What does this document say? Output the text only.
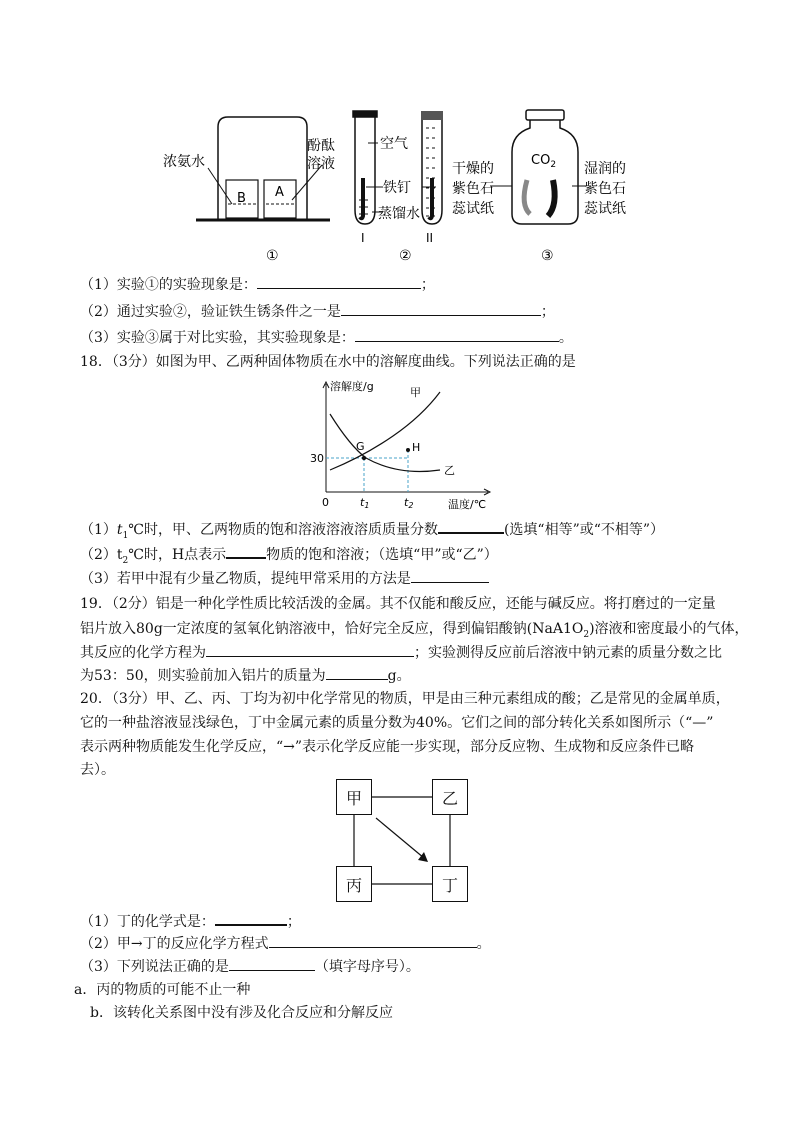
浓氨水
酚酞
溶液
B A
空气
铁钉
蒸馏水
I	II
$CO_2$
干燥的
紫色石
蕊试纸
湿润的
紫色石
蕊试纸
①	②	③
（1）实验①的实验现象是：	；
（2）通过实验②，验证铁生锈条件之一是	；
（3）实验③属于对比实验，其实验现象是：	。
18．（3分）如图为甲、乙两种固体物质在水中的溶解度曲线。下列说法正确的是
溶解度/g	甲
乙
G	H
30
0	t1	t2	温度/℃
$(1)t_1℃$时，甲、乙两物质的饱和溶液溶液溶质质量分数	(选填“相等”或“不相等”）
$(2)t_2℃$时，H点表示	物质的饱和溶液；（选填“甲”或“乙”）
（3）若甲中混有少量乙物质，提纯甲常采用的方法是
19．（2分）铝是一种化学性质比较活泼的金属。其不仅能和酸反应，还能与碱反应。将打磨过的一定量
铝片放入80g一定浓度的氢氧化钠溶液中，恰好完全反应，得到偏铝酸钠$(NaA1O_2)$溶液和密度最小的气体，
其反应的化学方程为	；实验测得反应前后溶液中钠元素的质量分数之比
为53：50，则实验前加入铝片的质量为	g。
20．（3分）甲、乙、丙、丁均为初中化学常见的物质，甲是由三种元素组成的酸；乙是常见的金属单质，
它的一种盐溶液显浅绿色，丁中金属元素的质量分数为40%。它们之间的部分转化关系如图所示（“—”
表示两种物质能发生化学反应，“→”表示化学反应能一步实现，部分反应物、生成物和反应条件已略
去）。
甲	乙
丙	丁
（1）丁的化学式是：	；
（2）甲→丁的反应化学方程式	。
（3）下列说法正确的是	（填字母序号）。
a．丙的物质的可能不止一种
b．该转化关系图中没有涉及化合反应和分解反应
